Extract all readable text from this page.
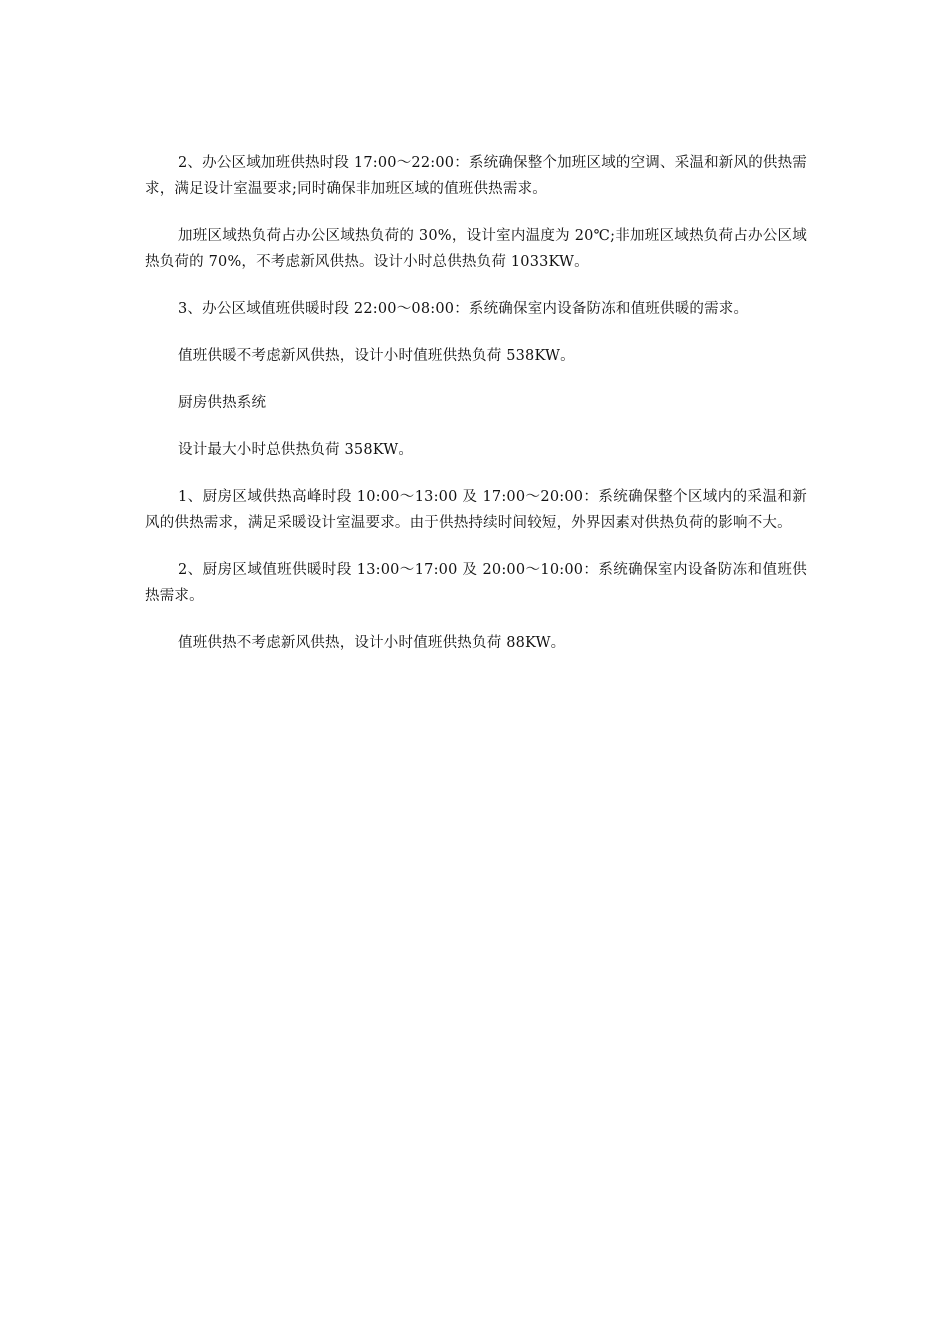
2、办公区域加班供热时段 17:00～22:00：系统确保整个加班区域的空调、采温和新风的供热需求，满足设计室温要求;同时确保非加班区域的值班供热需求。

加班区域热负荷占办公区域热负荷的 30%，设计室内温度为 20℃;非加班区域热负荷占办公区域热负荷的 70%，不考虑新风供热。设计小时总供热负荷 1033KW。

3、办公区域值班供暖时段 22:00～08:00：系统确保室内设备防冻和值班供暖的需求。

值班供暖不考虑新风供热，设计小时值班供热负荷 538KW。

厨房供热系统

设计最大小时总供热负荷 358KW。

1、厨房区域供热高峰时段 10:00～13:00 及 17:00～20:00：系统确保整个区域内的采温和新风的供热需求，满足采暖设计室温要求。由于供热持续时间较短，外界因素对供热负荷的影响不大。

2、厨房区域值班供暖时段 13:00～17:00 及 20:00～10:00：系统确保室内设备防冻和值班供热需求。

值班供热不考虑新风供热，设计小时值班供热负荷 88KW。
